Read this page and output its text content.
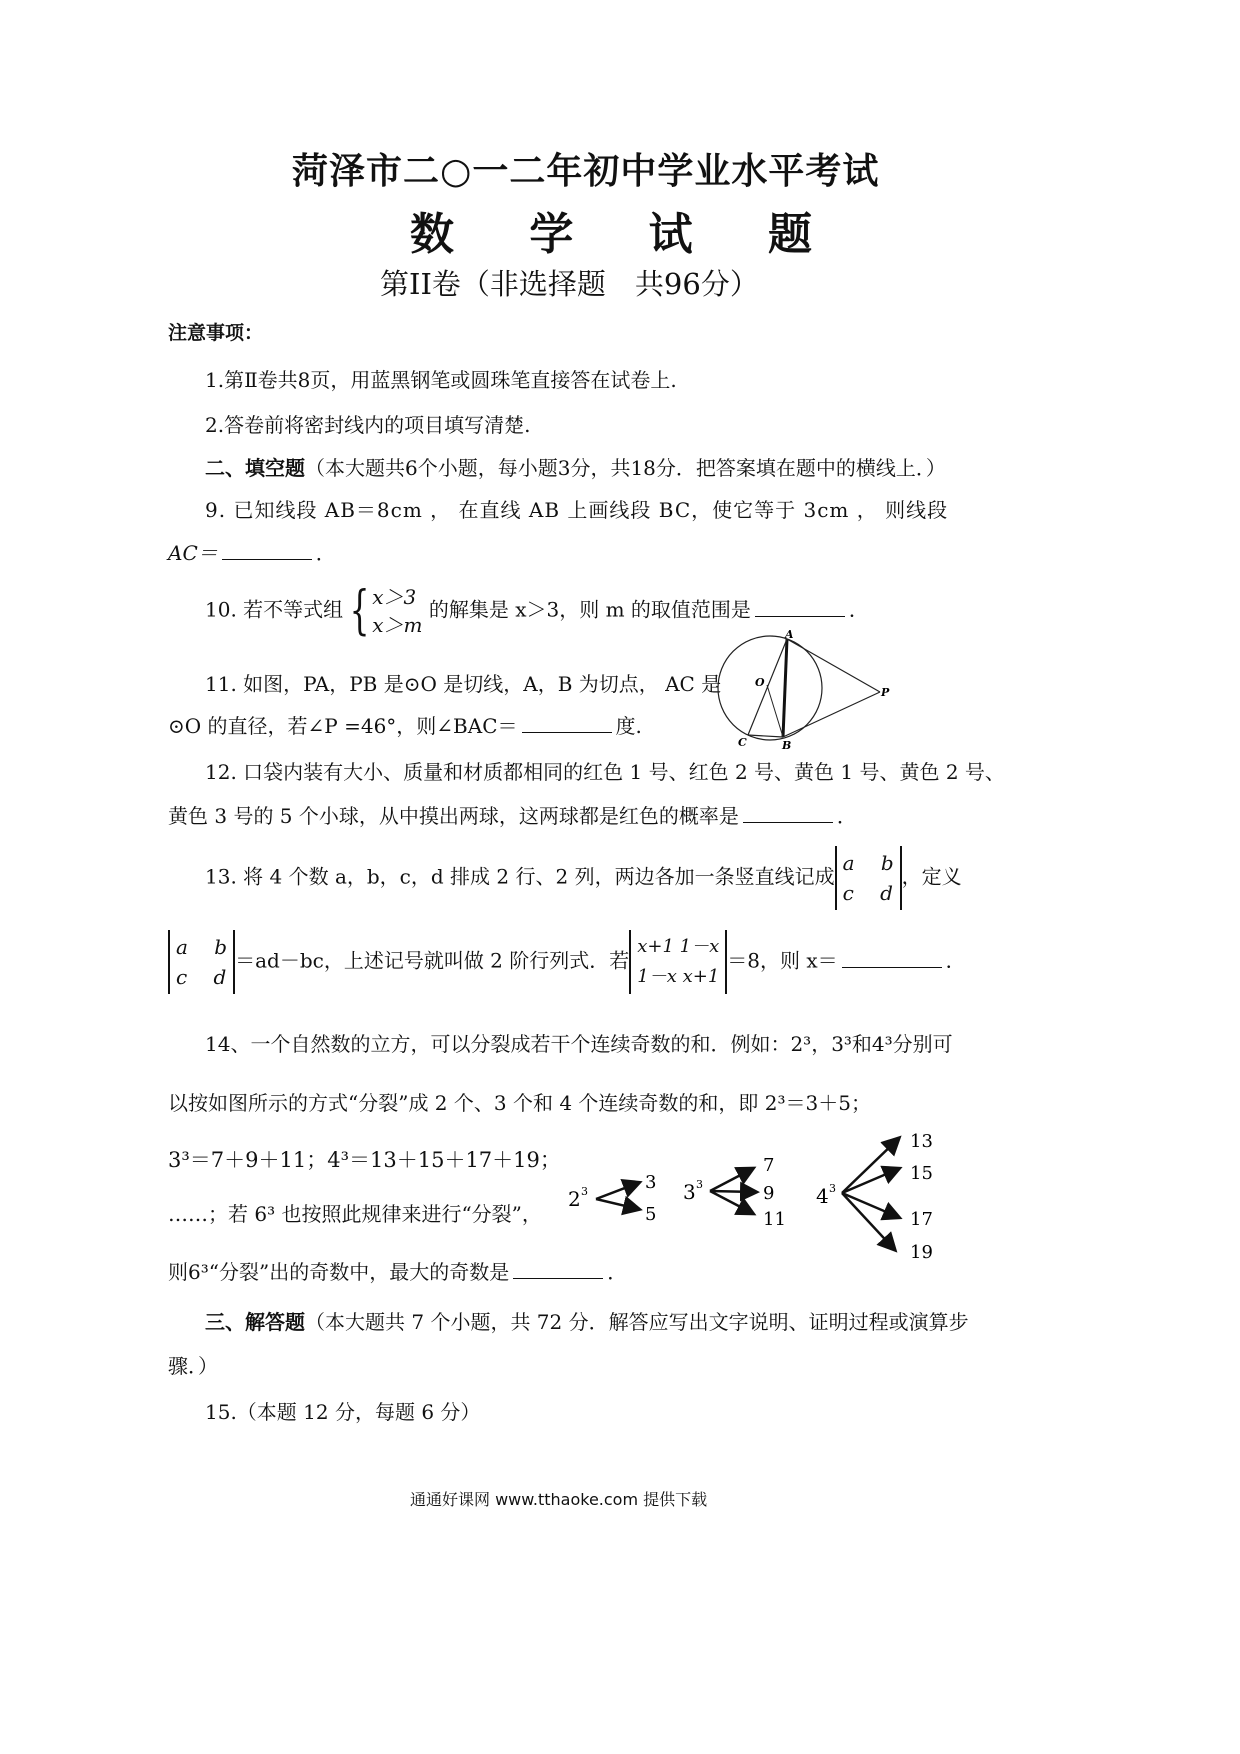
菏泽市二○一二年初中学业水平考试
数 学 试 题
第II卷（非选择题　共96分）
注意事项：
1.第Ⅱ卷共8页，用蓝黑钢笔或圆珠笔直接答在试卷上.
2.答卷前将密封线内的项目填写清楚.
二、填空题（本大题共6个小题，每小题3分，共18分．把答案填在题中的横线上．）
9. 已知线段 AB＝8cm ， 在直线 AB 上画线段 BC，使它等于 3cm ， 则线段
AC＝	．
10. 若不等式组 { x＞3
x＞m
的解集是 x＞3，则 m 的取值范围是	．
11. 如图，PA，PB 是⊙O 是切线，A，B 为切点， AC 是
⊙O 的直径，若∠P =46°，则∠BAC＝	度.
A
O
P
C	B
12. 口袋内装有大小、质量和材质都相同的红色 1 号、红色 2 号、黄色 1 号、黄色 2 号、
黄色 3 号的 5 个小球，从中摸出两球，这两球都是红色的概率是	．
13. 将 4 个数 a，b，c，d 排成 2 行、2 列，两边各加一条竖直线记成
a　 b
c　 d
，定义
a　 b
c　 d
＝ad－bc，上述记号就叫做 2 阶行列式．若
x+1 1－x
1－x x+1
＝8，则 x＝	．
14、一个自然数的立方，可以分裂成若干个连续奇数的和．例如：2³，3³和4³分别可
以按如图所示的方式“分裂”成 2 个、3 个和 4 个连续奇数的和，即 2³＝3＋5；
3³＝7＋9＋11；4³＝13＋15＋17＋19；
……；若 6³ 也按照此规律来进行“分裂”，
则6³“分裂”出的奇数中，最大的奇数是	．
2 3	3
5
3 3
7
9
11
4 3
13
15
17
19
三、解答题（本大题共 7 个小题，共 72 分．解答应写出文字说明、证明过程或演算步
骤．）
15.（本题 12 分，每题 6 分）
通通好课网 www.tthaoke.com 提供下载
